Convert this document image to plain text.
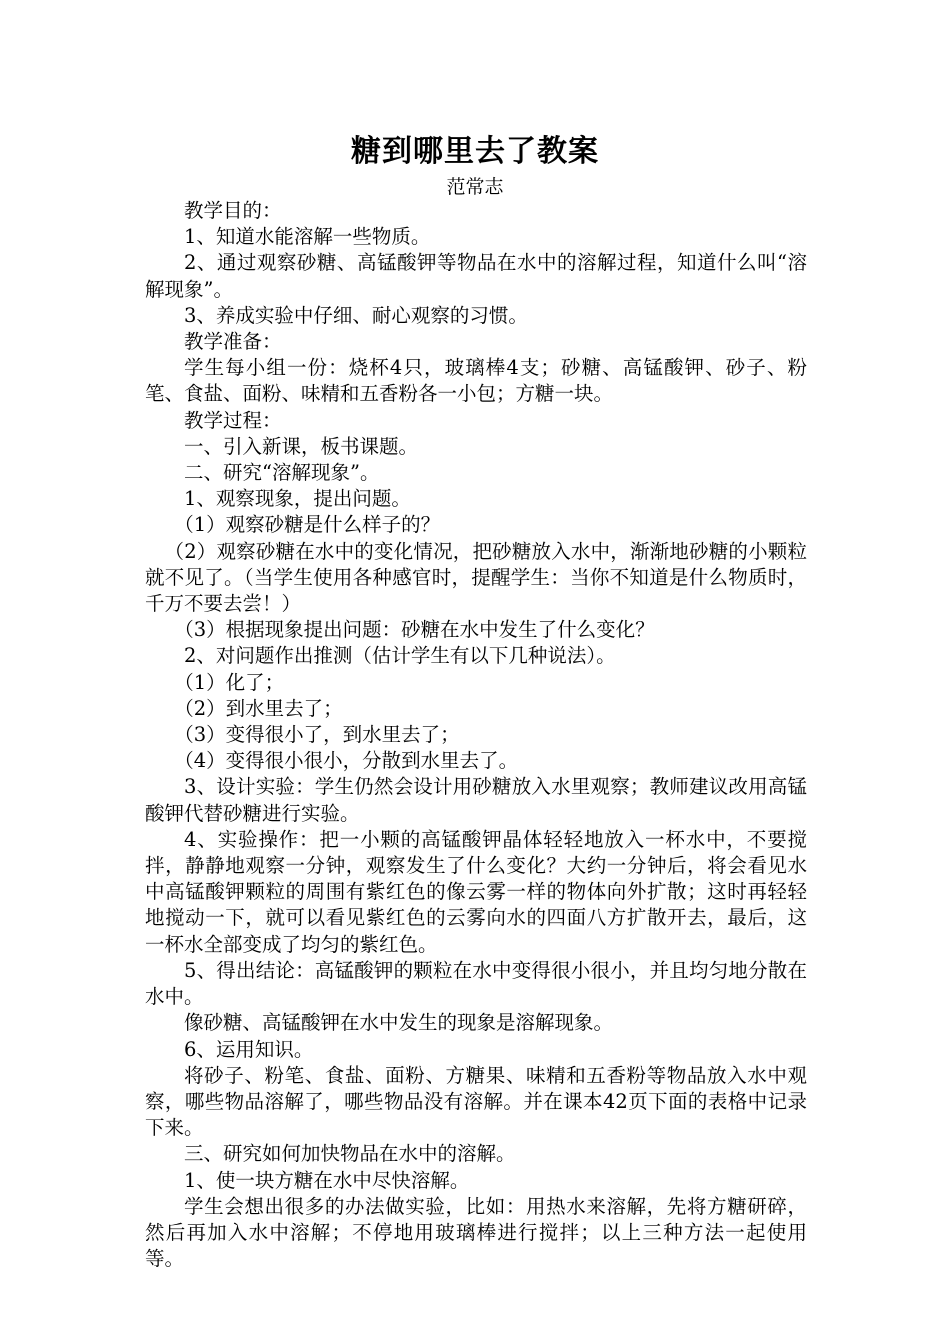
糖到哪里去了教案
范常志

教学目的：

1、知道水能溶解一些物质。

2、通过观察砂糖、高锰酸钾等物品在水中的溶解过程，知道什么叫“溶解现象”。

3、养成实验中仔细、耐心观察的习惯。

教学准备：

学生每小组一份：烧杯4只，玻璃棒4支；砂糖、高锰酸钾、砂子、粉笔、食盐、面粉、味精和五香粉各一小包；方糖一块。

教学过程：

一、引入新课，板书课题。

二、研究“溶解现象”。

1、观察现象，提出问题。

（1）观察砂糖是什么样子的？

（2）观察砂糖在水中的变化情况，把砂糖放入水中，渐渐地砂糖的小颗粒就不见了。（当学生使用各种感官时，提醒学生：当你不知道是什么物质时，千万不要去尝！）

（3）根据现象提出问题：砂糖在水中发生了什么变化？

2、对问题作出推测（估计学生有以下几种说法）。

（1）化了；

（2）到水里去了；

（3）变得很小了，到水里去了；

（4）变得很小很小，分散到水里去了。

3、设计实验：学生仍然会设计用砂糖放入水里观察；教师建议改用高锰酸钾代替砂糖进行实验。

4、实验操作：把一小颗的高锰酸钾晶体轻轻地放入一杯水中，不要搅拌，静静地观察一分钟，观察发生了什么变化？大约一分钟后，将会看见水中高锰酸钾颗粒的周围有紫红色的像云雾一样的物体向外扩散；这时再轻轻地搅动一下，就可以看见紫红色的云雾向水的四面八方扩散开去，最后，这一杯水全部变成了均匀的紫红色。

5、得出结论：高锰酸钾的颗粒在水中变得很小很小，并且均匀地分散在水中。

像砂糖、高锰酸钾在水中发生的现象是溶解现象。

6、运用知识。

将砂子、粉笔、食盐、面粉、方糖果、味精和五香粉等物品放入水中观察，哪些物品溶解了，哪些物品没有溶解。并在课本42页下面的表格中记录下来。

三、研究如何加快物品在水中的溶解。

1、使一块方糖在水中尽快溶解。

学生会想出很多的办法做实验，比如：用热水来溶解，先将方糖研碎，然后再加入水中溶解；不停地用玻璃棒进行搅拌；以上三种方法一起使用等。
